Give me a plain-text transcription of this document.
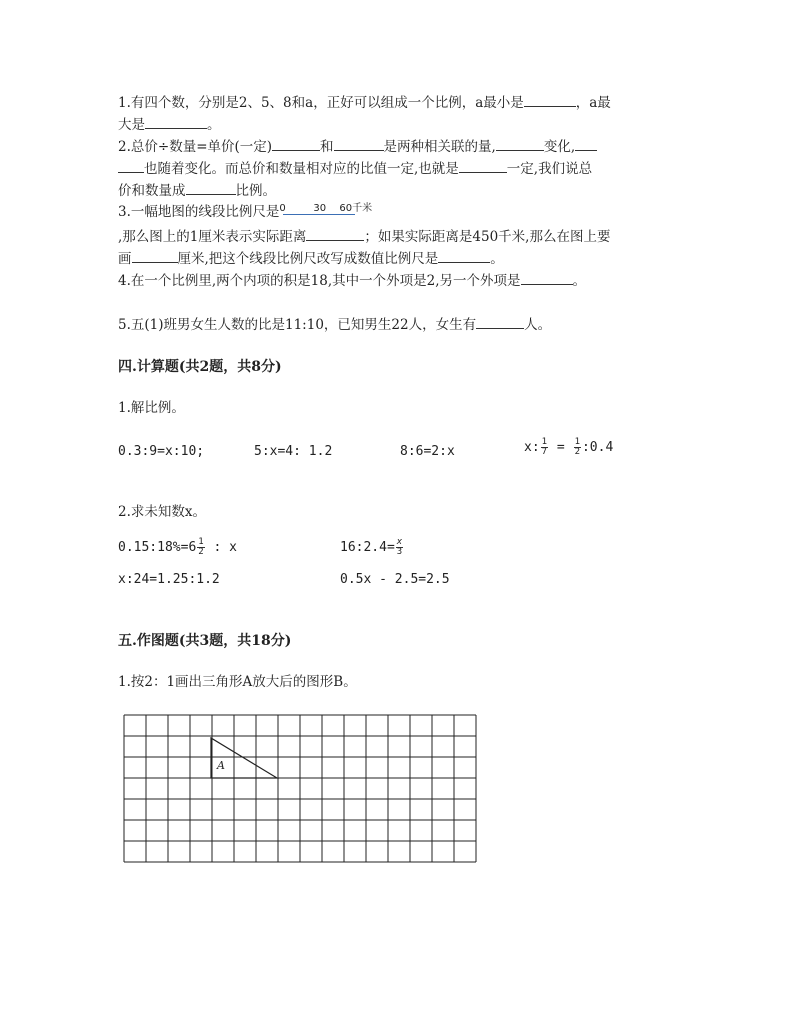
1.有四个数，分别是2、5、8和a，正好可以组成一个比例，a最小是	，a最
大是	。
2.总价÷数量=单价(一定)	和	是两种相关联的量,	变化,
也随着变化。而总价和数量相对应的比值一定,也就是	一定,我们说总
价和数量成	比例。
3.一幅地图的线段比例尺是 0	30 60千米
,那么图上的1厘米表示实际距离	；如果实际距离是450千米,那么在图上要
画	厘米,把这个线段比例尺改写成数值比例尺是	。
4.在一个比例里,两个内项的积是18,其中一个外项是2,另一个外项是	。
5.五(1)班男女生人数的比是11:10，已知男生22人，女生有	人。
四.计算题(共2题，共8分)
1.解比例。
0.3:9=x:10;	5:x=4: 1.2	8:6=2:x	x: $\frac{1}{7} = \frac{1}{2}$ :0.4
2.求未知数x。
0.15:18%=6 $\frac{1}{2}$ : x	16:2.4= $\frac{x}{3}$
x:24=1.25:1.2	0.5x - 2.5=2.5
五.作图题(共3题，共18分)
1.按2：1画出三角形A放大后的图形B。
A
